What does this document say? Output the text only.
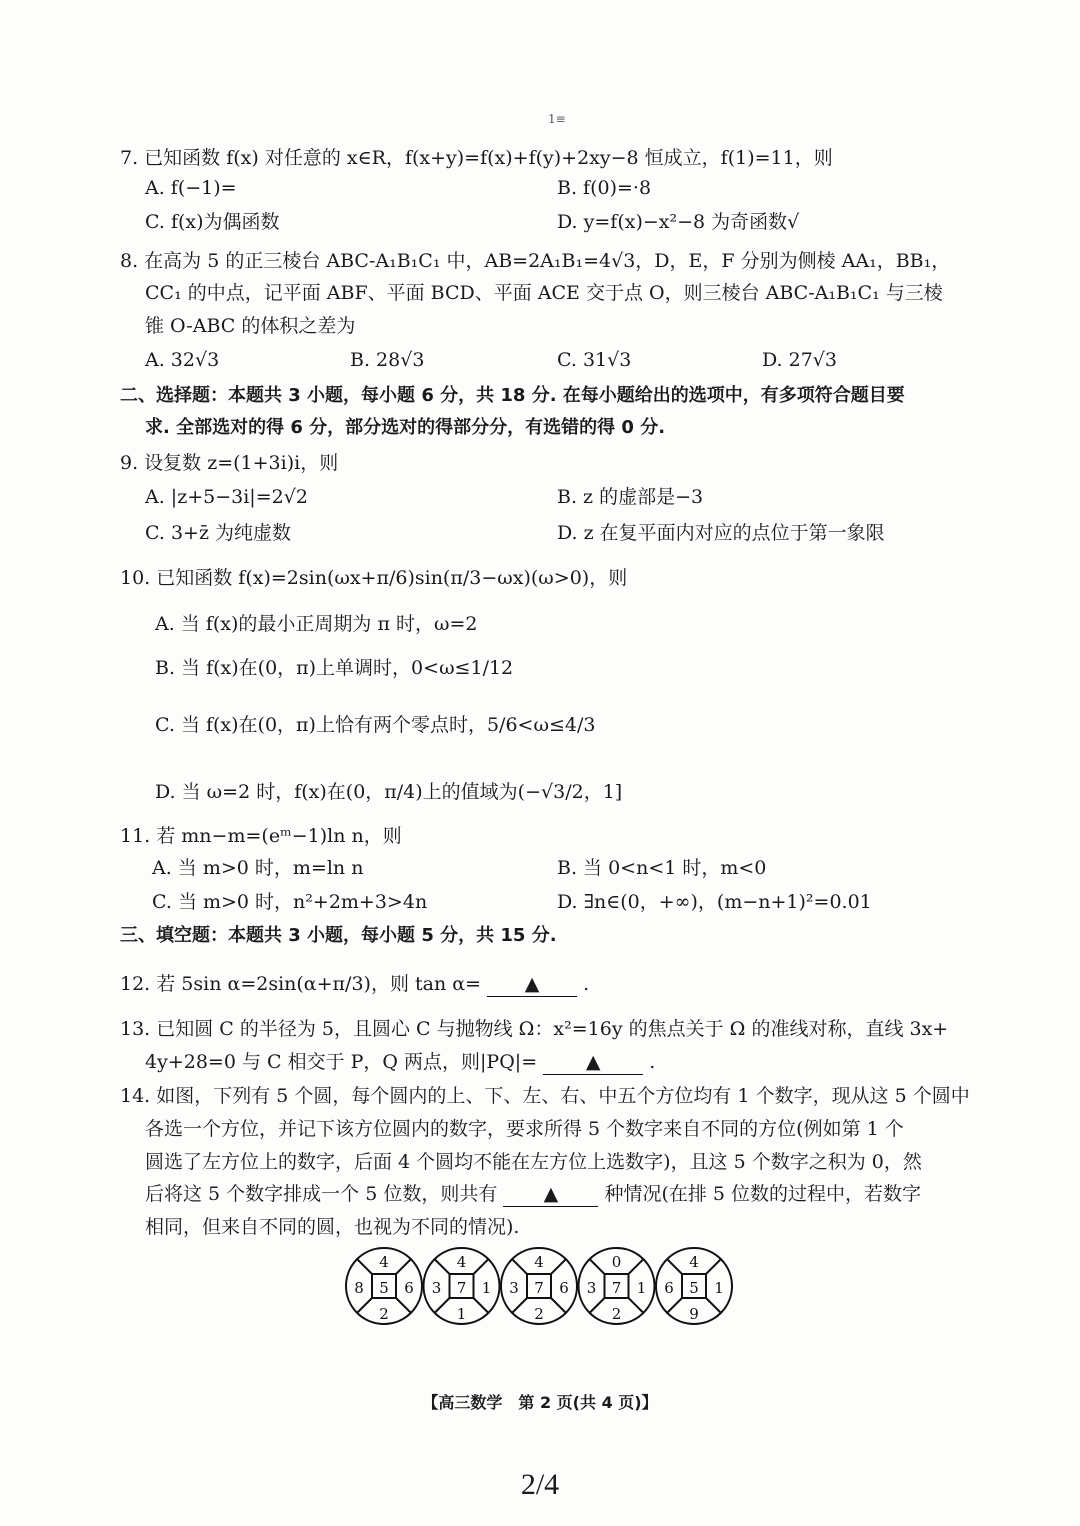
1≡
7. 已知函数 f(x) 对任意的 x∈R，f(x+y)=f(x)+f(y)+2xy−8 恒成立，f(1)=11，则
A. f(−1)=	B. f(0)=·8
C. f(x)为偶函数	D. y=f(x)−x²−8 为奇函数√
8. 在高为 5 的正三棱台 ABC-A₁B₁C₁ 中，AB=2A₁B₁=4√3，D，E，F 分别为侧棱 AA₁，BB₁，
CC₁ 的中点，记平面 ABF、平面 BCD、平面 ACE 交于点 O，则三棱台 ABC-A₁B₁C₁ 与三棱
锥 O-ABC 的体积之差为
A. 32√3	B. 28√3	C. 31√3	D. 27√3
二、选择题：本题共 3 小题，每小题 6 分，共 18 分. 在每小题给出的选项中，有多项符合题目要
求. 全部选对的得 6 分，部分选对的得部分分，有选错的得 0 分.
9. 设复数 z=(1+3i)i，则
A. |z+5−3i|=2√2	B. z 的虚部是−3
C. 3+z̄ 为纯虚数	D. z 在复平面内对应的点位于第一象限
10. 已知函数 f(x)=2sin(ωx+π/6)sin(π/3−ωx)(ω>0)，则
A. 当 f(x)的最小正周期为 π 时，ω=2
B. 当 f(x)在(0，π)上单调时，0<ω≤1/12
C. 当 f(x)在(0，π)上恰有两个零点时，5/6<ω≤4/3
D. 当 ω=2 时，f(x)在(0，π/4)上的值域为(−√3/2，1]
11. 若 mn−m=(eᵐ−1)ln n，则
A. 当 m>0 时，m=ln n	B. 当 0<n<1 时，m<0
C. 当 m>0 时，n²+2m+3>4n	D. ∃n∈(0，+∞)，(m−n+1)²=0.01
三、填空题：本题共 3 小题，每小题 5 分，共 15 分.
12. 若 5sin α=2sin(α+π/3)，则 tan α= ▲ .
13. 已知圆 C 的半径为 5，且圆心 C 与抛物线 Ω：x²=16y 的焦点关于 Ω 的准线对称，直线 3x+
4y+28=0 与 C 相交于 P，Q 两点，则|PQ|=	▲	.
14. 如图，下列有 5 个圆，每个圆内的上、下、左、右、中五个方位均有 1 个数字，现从这 5 个圆中
各选一个方位，并记下该方位圆内的数字，要求所得 5 个数字来自不同的方位(例如第 1 个
圆选了左方位上的数字，后面 4 个圆均不能在左方位上选数字)，且这 5 个数字之积为 0，然
后将这 5 个数字排成一个 5 位数，则共有 ▲ 种情况(在排 5 位数的过程中，若数字
相同，但来自不同的圆，也视为不同的情况).
4
2
8	6
5
4
1
3	1
7
4
2
3	6
7
0
2
3	1
7
4
9
6	1
5
【高三数学　第 2 页(共 4 页)】
2/4
